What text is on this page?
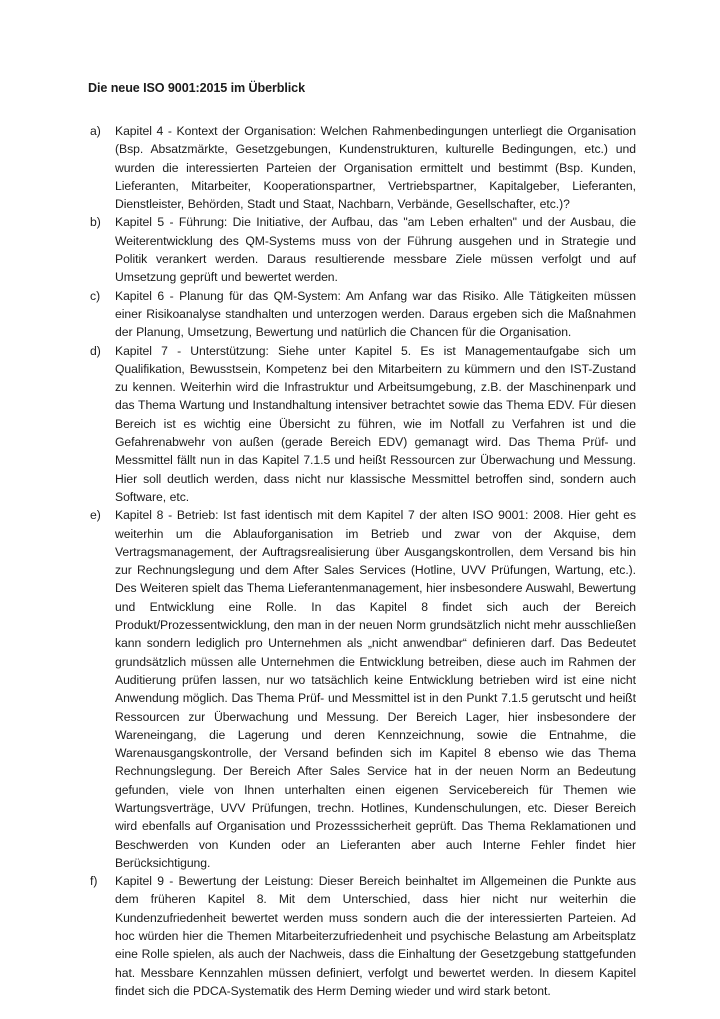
Die neue ISO 9001:2015 im Überblick
a)	Kapitel 4 - Kontext der Organisation: Welchen Rahmenbedingungen unterliegt die Organisation (Bsp. Absatzmärkte, Gesetzgebungen, Kundenstrukturen, kulturelle Bedingungen, etc.) und wurden die interessierten Parteien der Organisation ermittelt und bestimmt (Bsp. Kunden, Lieferanten, Mitarbeiter, Kooperationspartner, Vertriebspartner, Kapitalgeber, Lieferanten, Dienstleister, Behörden, Stadt und Staat, Nachbarn, Verbände, Gesellschafter, etc.)?
b)	Kapitel 5 - Führung: Die Initiative, der Aufbau, das "am Leben erhalten" und der Ausbau, die Weiterentwicklung des QM-Systems muss von der Führung ausgehen und in Strategie und Politik verankert werden. Daraus resultierende messbare Ziele müssen verfolgt und auf Umsetzung geprüft und bewertet werden.
c)	Kapitel 6 - Planung für das QM-System: Am Anfang war das Risiko. Alle Tätigkeiten müssen einer Risikoanalyse standhalten und unterzogen werden. Daraus ergeben sich die Maßnahmen der Planung, Umsetzung, Bewertung und natürlich die Chancen für die Organisation.
d)	Kapitel 7 - Unterstützung: Siehe unter Kapitel 5. Es ist Managementaufgabe sich um Qualifikation, Bewusstsein, Kompetenz bei den Mitarbeitern zu kümmern und den IST-Zustand zu kennen. Weiterhin wird die Infrastruktur und Arbeitsumgebung, z.B. der Maschinenpark und das Thema Wartung und Instandhaltung intensiver betrachtet sowie das Thema EDV. Für diesen Bereich ist es wichtig eine Übersicht zu führen, wie im Notfall zu Verfahren ist und die Gefahrenabwehr von außen (gerade Bereich EDV) gemanagt wird. Das Thema Prüf- und Messmittel fällt nun in das Kapitel 7.1.5 und heißt Ressourcen zur Überwachung und Messung. Hier soll deutlich werden, dass nicht nur klassische Messmittel betroffen sind, sondern auch Software, etc.
e)	Kapitel 8 - Betrieb: Ist fast identisch mit dem Kapitel 7 der alten ISO 9001: 2008. Hier geht es weiterhin um die Ablauforganisation im Betrieb und zwar von der Akquise, dem Vertragsmanagement, der Auftragsrealisierung über Ausgangskontrollen, dem Versand bis hin zur Rechnungslegung und dem After Sales Services (Hotline, UVV Prüfungen, Wartung, etc.). Des Weiteren spielt das Thema Lieferantenmanagement, hier insbesondere Auswahl, Bewertung und Entwicklung eine Rolle. In das Kapitel 8 findet sich auch der Bereich Produkt/Prozessentwicklung, den man in der neuen Norm grundsätzlich nicht mehr ausschließen kann sondern lediglich pro Unternehmen als „nicht anwendbar“ definieren darf. Das Bedeutet grundsätzlich müssen alle Unternehmen die Entwicklung betreiben, diese auch im Rahmen der Auditierung prüfen lassen, nur wo tatsächlich keine Entwicklung betrieben wird ist eine nicht Anwendung möglich. Das Thema Prüf- und Messmittel ist in den Punkt 7.1.5 gerutscht und heißt Ressourcen zur Überwachung und Messung. Der Bereich Lager, hier insbesondere der Wareneingang, die Lagerung und deren Kennzeichnung, sowie die Entnahme, die Warenausgangskontrolle, der Versand befinden sich im Kapitel 8 ebenso wie das Thema Rechnungslegung. Der Bereich After Sales Service hat in der neuen Norm an Bedeutung gefunden, viele von Ihnen unterhalten einen eigenen Servicebereich für Themen wie Wartungsverträge, UVV Prüfungen, trechn. Hotlines, Kundenschulungen, etc. Dieser Bereich wird ebenfalls auf Organisation und Prozesssicherheit geprüft. Das Thema Reklamationen und Beschwerden von Kunden oder an Lieferanten aber auch Interne Fehler findet hier Berücksichtigung.
f)	Kapitel 9 - Bewertung der Leistung: Dieser Bereich beinhaltet im Allgemeinen die Punkte aus dem früheren Kapitel 8. Mit dem Unterschied, dass hier nicht nur weiterhin die Kundenzufriedenheit bewertet werden muss sondern auch die der interessierten Parteien. Ad hoc würden hier die Themen Mitarbeiterzufriedenheit und psychische Belastung am Arbeitsplatz eine Rolle spielen, als auch der Nachweis, dass die Einhaltung der Gesetzgebung stattgefunden hat. Messbare Kennzahlen müssen definiert, verfolgt und bewertet werden. In diesem Kapitel findet sich die PDCA-Systematik des Herm Deming wieder und wird stark betont.
